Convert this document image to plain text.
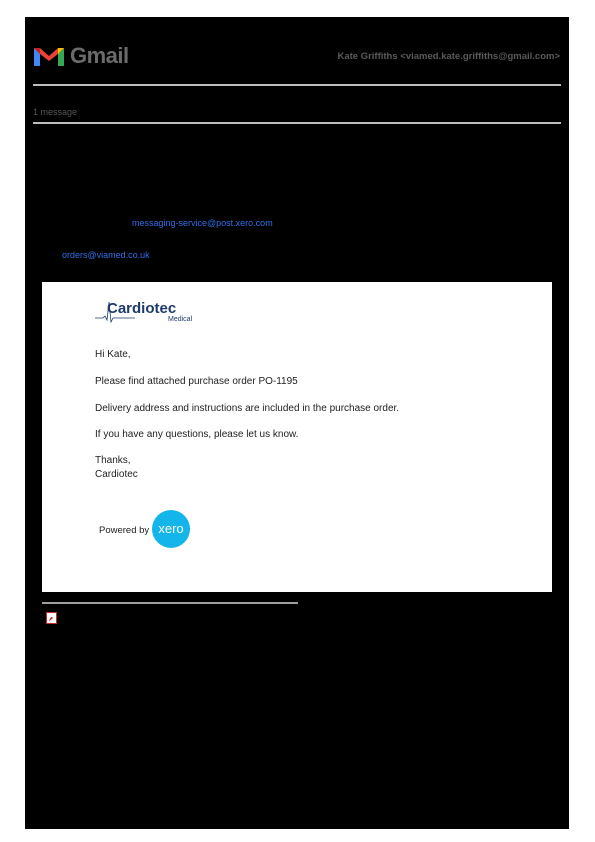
Gmail	Kate Griffiths <viamed.kate.griffiths@gmail.com>
1 message
messaging-service@post.xero.com
orders@viamed.co.uk
Cardiotec
Medical
Hi Kate,
Please find attached purchase order PO-1195
Delivery address and instructions are included in the purchase order.
If you have any questions, please let us know.
Thanks,
Cardiotec
Powered by xero
